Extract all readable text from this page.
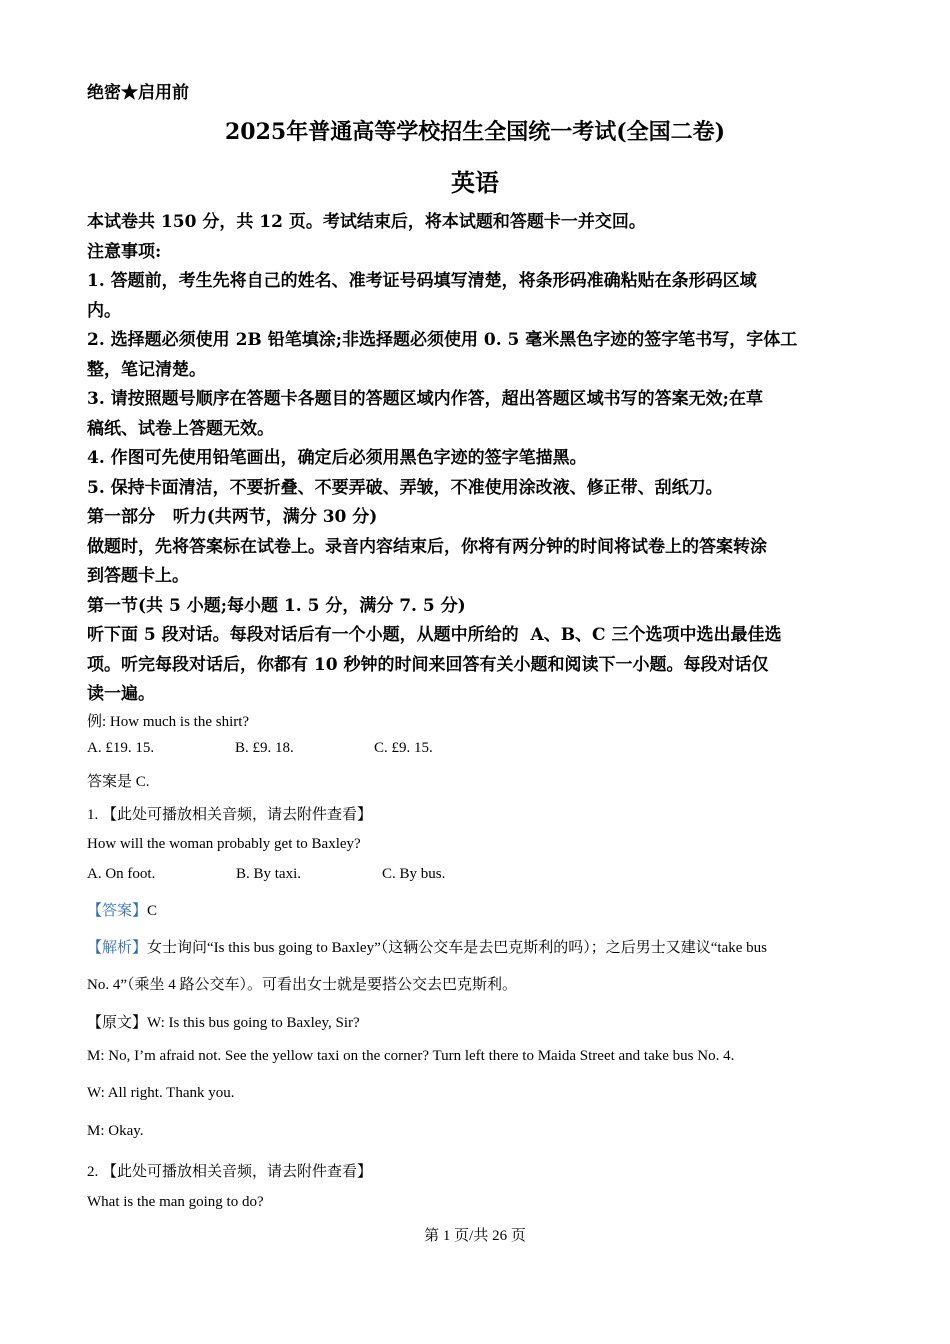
绝密★启用前
2025年普通高等学校招生全国统一考试(全国二卷)
英语
本试卷共 150 分，共 12 页。考试结束后，将本试题和答题卡一并交回。
注意事项:
1. 答题前，考生先将自己的姓名、准考证号码填写清楚，将条形码准确粘贴在条形码区域
内。
2. 选择题必须使用 2B 铅笔填涂;非选择题必须使用 0. 5 毫米黑色字迹的签字笔书写，字体工
整，笔记清楚。
3. 请按照题号顺序在答题卡各题目的答题区域内作答，超出答题区域书写的答案无效;在草
稿纸、试卷上答题无效。
4. 作图可先使用铅笔画出，确定后必须用黑色字迹的签字笔描黑。
5. 保持卡面清洁，不要折叠、不要弄破、弄皱，不准使用涂改液、修正带、刮纸刀。
第一部分   听力(共两节，满分 30 分)
做题时，先将答案标在试卷上。录音内容结束后，你将有两分钟的时间将试卷上的答案转涂
到答题卡上。
第一节(共 5 小题;每小题 1. 5 分，满分 7. 5 分)
听下面 5 段对话。每段对话后有一个小题，从题中所给的  A、B、C 三个选项中选出最佳选
项。听完每段对话后，你都有 10 秒钟的时间来回答有关小题和阅读下一小题。每段对话仅
读一遍。
例: How much is the shirt?
A. £19. 15.	B. £9. 18.	C. £9. 15.
答案是 C.
1. 【此处可播放相关音频，请去附件查看】
How will the woman probably get to Baxley?
A. On foot.	B. By taxi.	C. By bus.
【答案】C
【解析】女士询问“Is this bus going to Baxley”（这辆公交车是去巴克斯利的吗）；之后男士又建议“take bus
No. 4”（乘坐 4 路公交车）。可看出女士就是要搭公交去巴克斯利。
【原文】W: Is this bus going to Baxley, Sir?
M: No, I’m afraid not. See the yellow taxi on the corner? Turn left there to Maida Street and take bus No. 4.
W: All right. Thank you.
M: Okay.
2. 【此处可播放相关音频，请去附件查看】
What is the man going to do?
第 1 页/共 26 页
